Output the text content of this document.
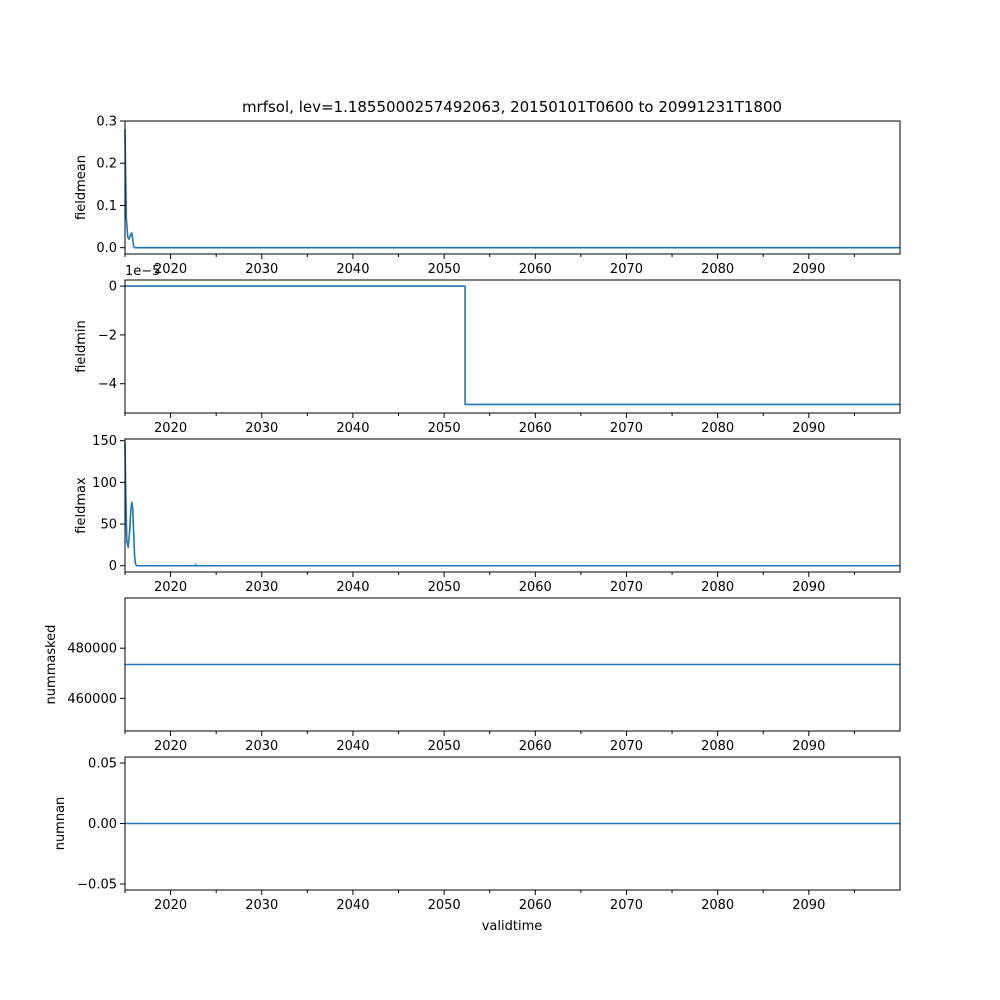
mrfsol, lev=1.1855000257492063, 20150101T0600 to 20991231T1800
2020	2030	2040	2050	2060	2070	2080	2090
0.0
0.1
0.2
0.3
fieldmean
2020	2030	2040	2050	2060	2070	2080	2090
0
−2
−4
1e−5
fieldmin
2020	2030	2040	2050	2060	2070	2080	2090
0
50
100
150
fieldmax
2020	2030	2040	2050	2060	2070	2080	2090
460000
480000
nummasked
2020	2030	2040	2050	2060	2070	2080	2090
−0.05
0.00
0.05
numnan
validtime
